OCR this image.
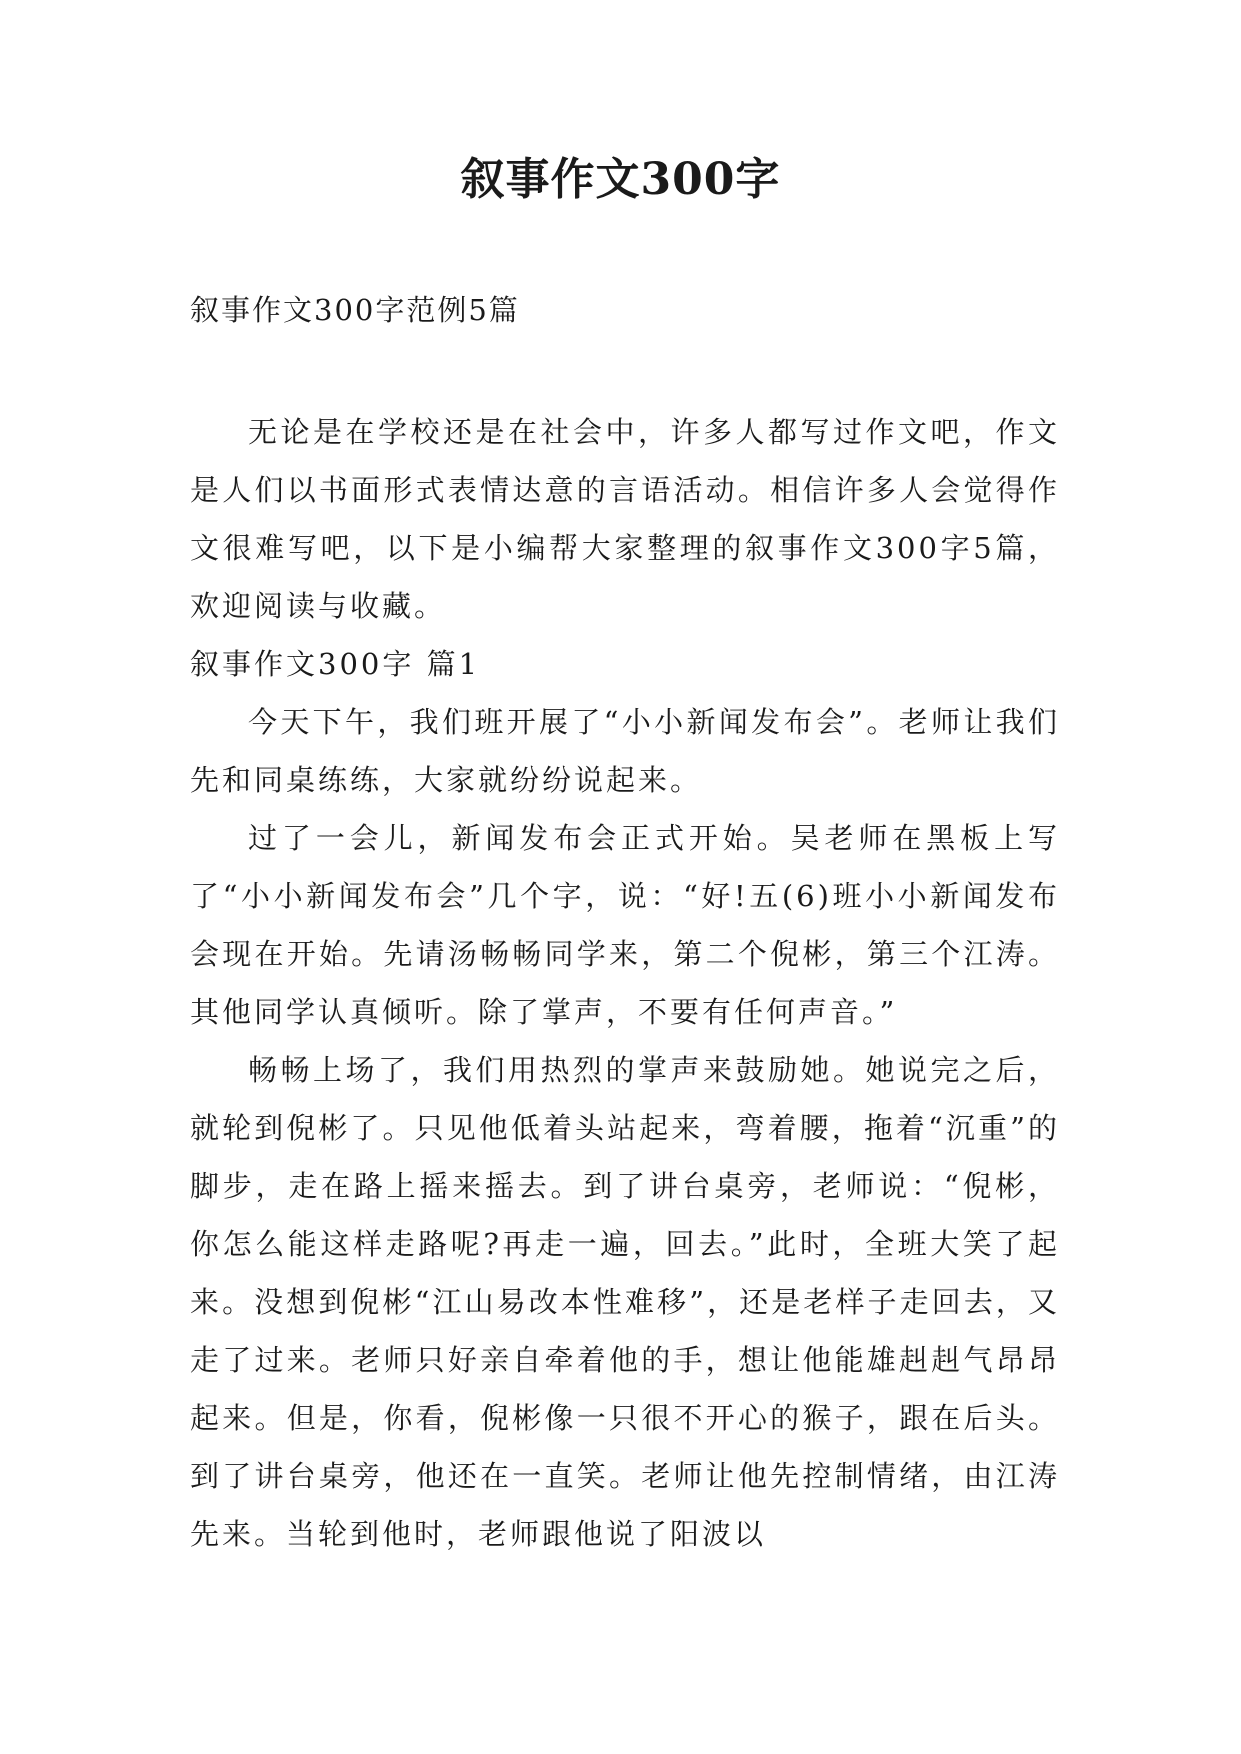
叙事作文300字
叙事作文300字范例5篇

无论是在学校还是在社会中，许多人都写过作文吧，作文是人们以书面形式表情达意的言语活动。相信许多人会觉得作文很难写吧，以下是小编帮大家整理的叙事作文300字5篇，欢迎阅读与收藏。

叙事作文300字 篇1

今天下午，我们班开展了“小小新闻发布会”。老师让我们先和同桌练练，大家就纷纷说起来。

过了一会儿，新闻发布会正式开始。吴老师在黑板上写了“小小新闻发布会”几个字，说：“好!五(6)班小小新闻发布会现在开始。先请汤畅畅同学来，第二个倪彬，第三个江涛。其他同学认真倾听。除了掌声，不要有任何声音。”

畅畅上场了，我们用热烈的掌声来鼓励她。她说完之后，就轮到倪彬了。只见他低着头站起来，弯着腰，拖着“沉重”的脚步，走在路上摇来摇去。到了讲台桌旁，老师说：“倪彬，你怎么能这样走路呢?再走一遍，回去。”此时，全班大笑了起来。没想到倪彬“江山易改本性难移”，还是老样子走回去，又走了过来。老师只好亲自牵着他的手，想让他能雄赳赳气昂昂起来。但是，你看，倪彬像一只很不开心的猴子，跟在后头。到了讲台桌旁，他还在一直笑。老师让他先控制情绪，由江涛先来。当轮到他时，老师跟他说了阳波以
